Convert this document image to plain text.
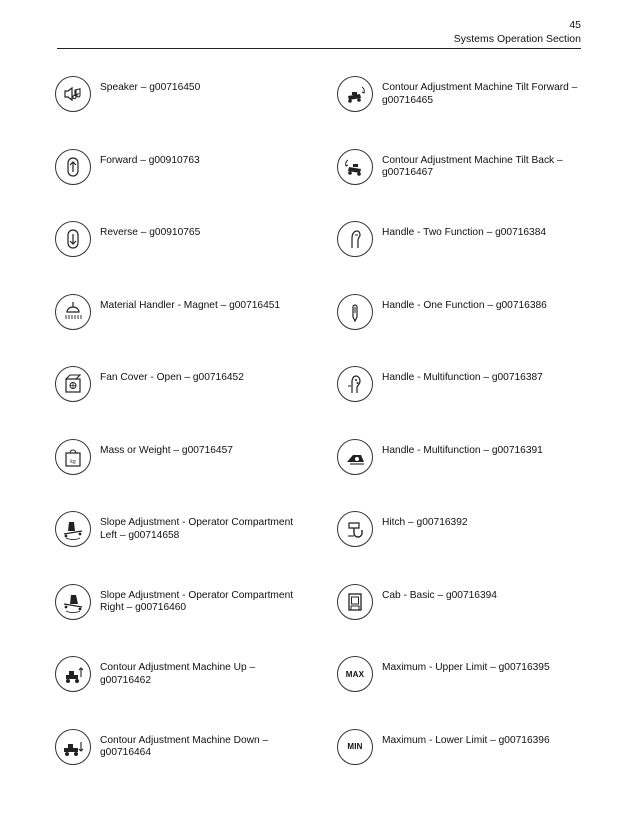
45
Systems Operation Section
Speaker – g00716450
Forward – g00910763
Reverse – g00910765
Material Handler - Magnet – g00716451
Fan Cover - Open – g00716452
kg
Mass or Weight – g00716457
Slope Adjustment - Operator Compartment Left – g00714658
Slope Adjustment - Operator Compartment Right – g00716460
Contour Adjustment Machine Up – g00716462
Contour Adjustment Machine Down – g00716464
Contour Adjustment Machine Tilt Forward – g00716465
Contour Adjustment Machine Tilt Back – g00716467
Handle - Two Function – g00716384
Handle - One Function – g00716386
Handle - Multifunction – g00716387
Handle - Multifunction – g00716391
Hitch – g00716392
Cab - Basic – g00716394
MAX
Maximum - Upper Limit – g00716395
MIN
Maximum - Lower Limit – g00716396
